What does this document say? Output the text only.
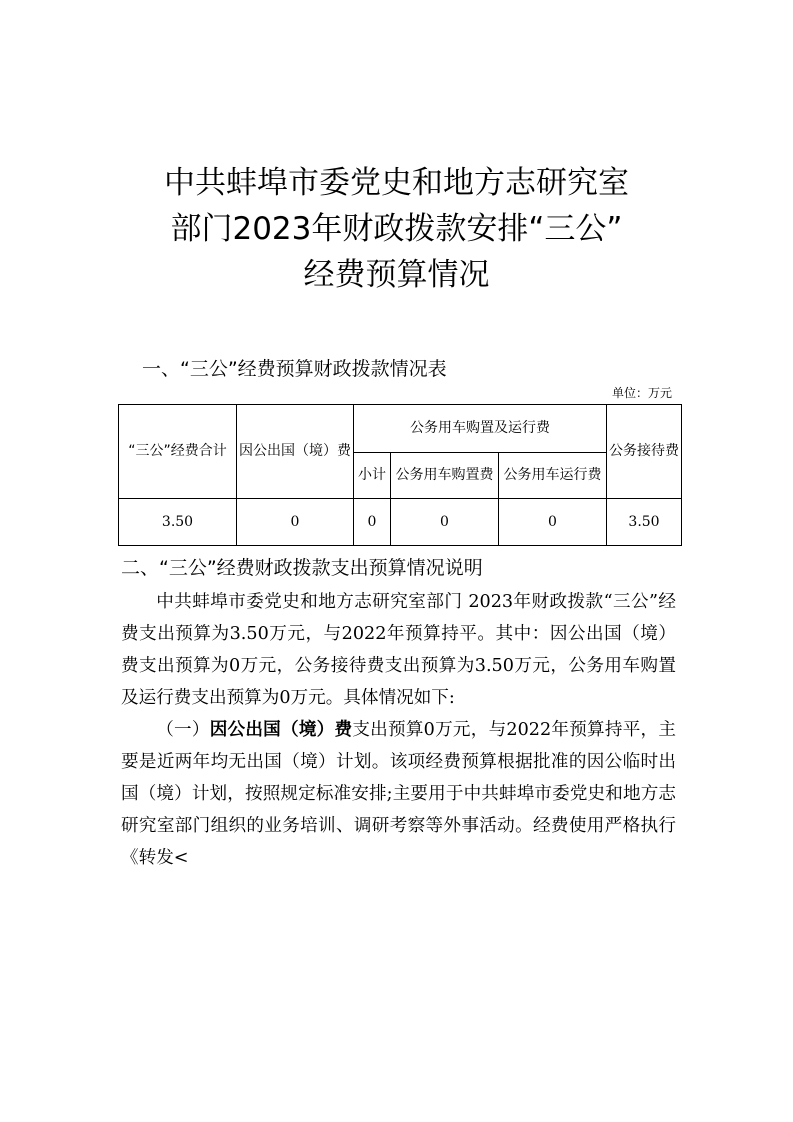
中共蚌埠市委党史和地方志研究室
部门2023年财政拨款安排“三公”
经费预算情况
一、“三公”经费预算财政拨款情况表
单位：万元
“三公”经费合计	因公出国（境）费	公务用车购置及运行费			公务接待费
		小计	公务用车购置费	公务用车运行费	
3.50	0	0	0	0	3.50
二、“三公”经费财政拨款支出预算情况说明

中共蚌埠市委党史和地方志研究室部门 2023年财政拨款“三公”经费支出预算为3.50万元，与2022年预算持平。其中：因公出国（境）费支出预算为0万元，公务接待费支出预算为3.50万元，公务用车购置及运行费支出预算为0万元。具体情况如下:

（一）因公出国（境）费支出预算0万元，与2022年预算持平，主要是近两年均无出国（境）计划。该项经费预算根据批准的因公临时出国（境）计划，按照规定标准安排;主要用于中共蚌埠市委党史和地方志研究室部门组织的业务培训、调研考察等外事活动。经费使用严格执行《转发<
